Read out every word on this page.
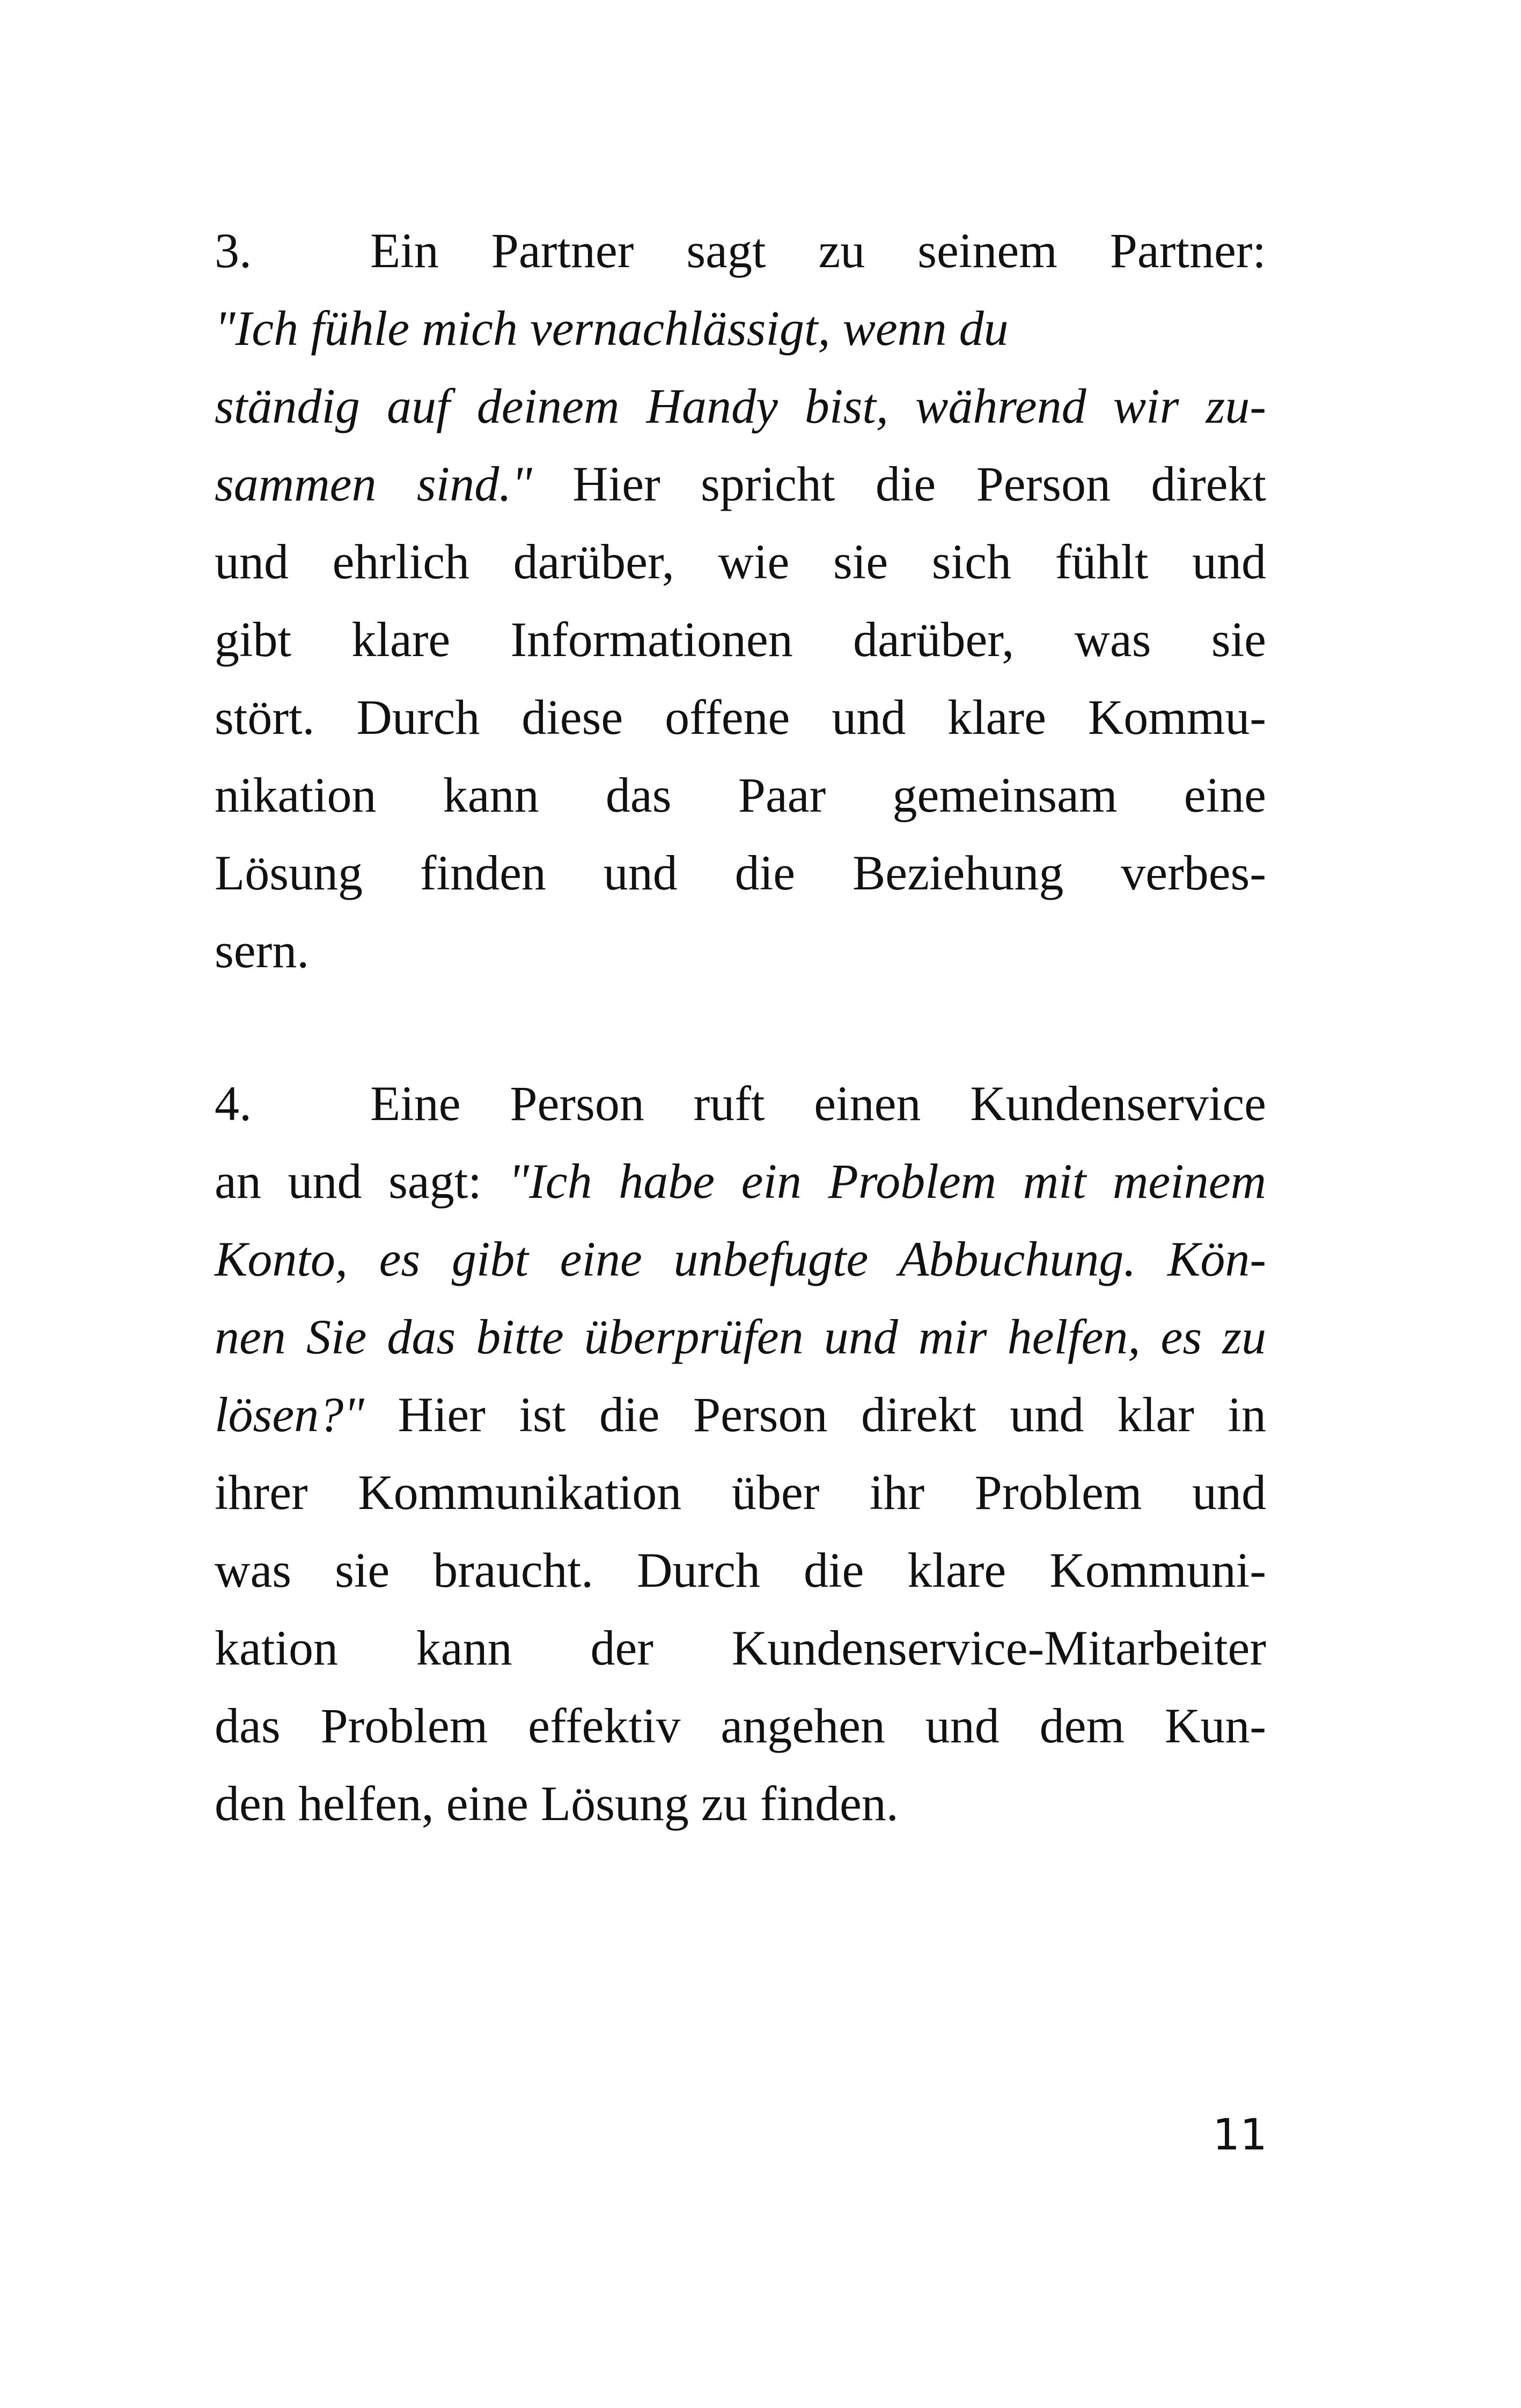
3. Ein Partner sagt zu seinem Partner:
"Ich fühle mich vernachlässigt, wenn du
ständig auf deinem Handy bist, während wir zu-
sammen sind." Hier spricht die Person direkt
und ehrlich darüber, wie sie sich fühlt und
gibt klare Informationen darüber, was sie
stört. Durch diese offene und klare Kommu-
nikation kann das Paar gemeinsam eine
Lösung finden und die Beziehung verbes-
sern.
4. Eine Person ruft einen Kundenservice
an und sagt: "Ich habe ein Problem mit meinem
Konto, es gibt eine unbefugte Abbuchung. Kön-
nen Sie das bitte überprüfen und mir helfen, es zu
lösen?" Hier ist die Person direkt und klar in
ihrer Kommunikation über ihr Problem und
was sie braucht. Durch die klare Kommuni-
kation kann der Kundenservice-Mitarbeiter
das Problem effektiv angehen und dem Kun-
den helfen, eine Lösung zu finden.
11
